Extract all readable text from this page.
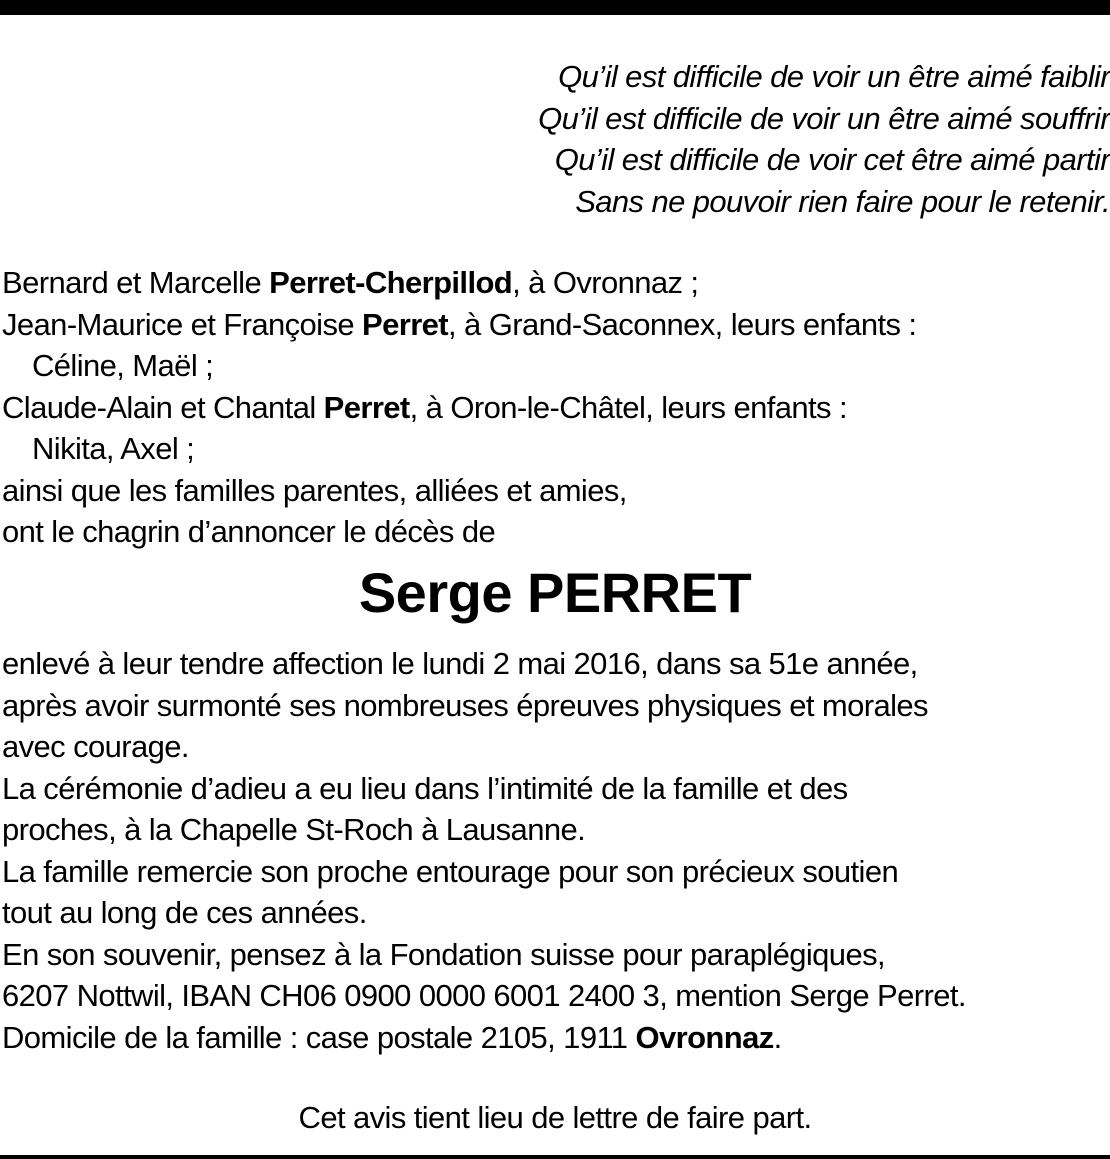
Qu’il est difficile de voir un être aimé faiblir
Qu’il est difficile de voir un être aimé souffrir
Qu’il est difficile de voir cet être aimé partir
Sans ne pouvoir rien faire pour le retenir.
Bernard et Marcelle Perret-Cherpillod, à Ovronnaz ;
Jean-Maurice et Françoise Perret, à Grand-Saconnex, leurs enfants :
Céline, Maël ;
Claude-Alain et Chantal Perret, à Oron-le-Châtel, leurs enfants :
Nikita, Axel ;
ainsi que les familles parentes, alliées et amies,
ont le chagrin d’annoncer le décès de
Serge PERRET
enlevé à leur tendre affection le lundi 2 mai 2016, dans sa 51e année,
après avoir surmonté ses nombreuses épreuves physiques et morales
avec courage.
La cérémonie d’adieu a eu lieu dans l’intimité de la famille et des
proches, à la Chapelle St-Roch à Lausanne.
La famille remercie son proche entourage pour son précieux soutien
tout au long de ces années.
En son souvenir, pensez à la Fondation suisse pour paraplégiques,
6207 Nottwil, IBAN CH06 0900 0000 6001 2400 3, mention Serge Perret.
Domicile de la famille : case postale 2105, 1911 Ovronnaz.
Cet avis tient lieu de lettre de faire part.
